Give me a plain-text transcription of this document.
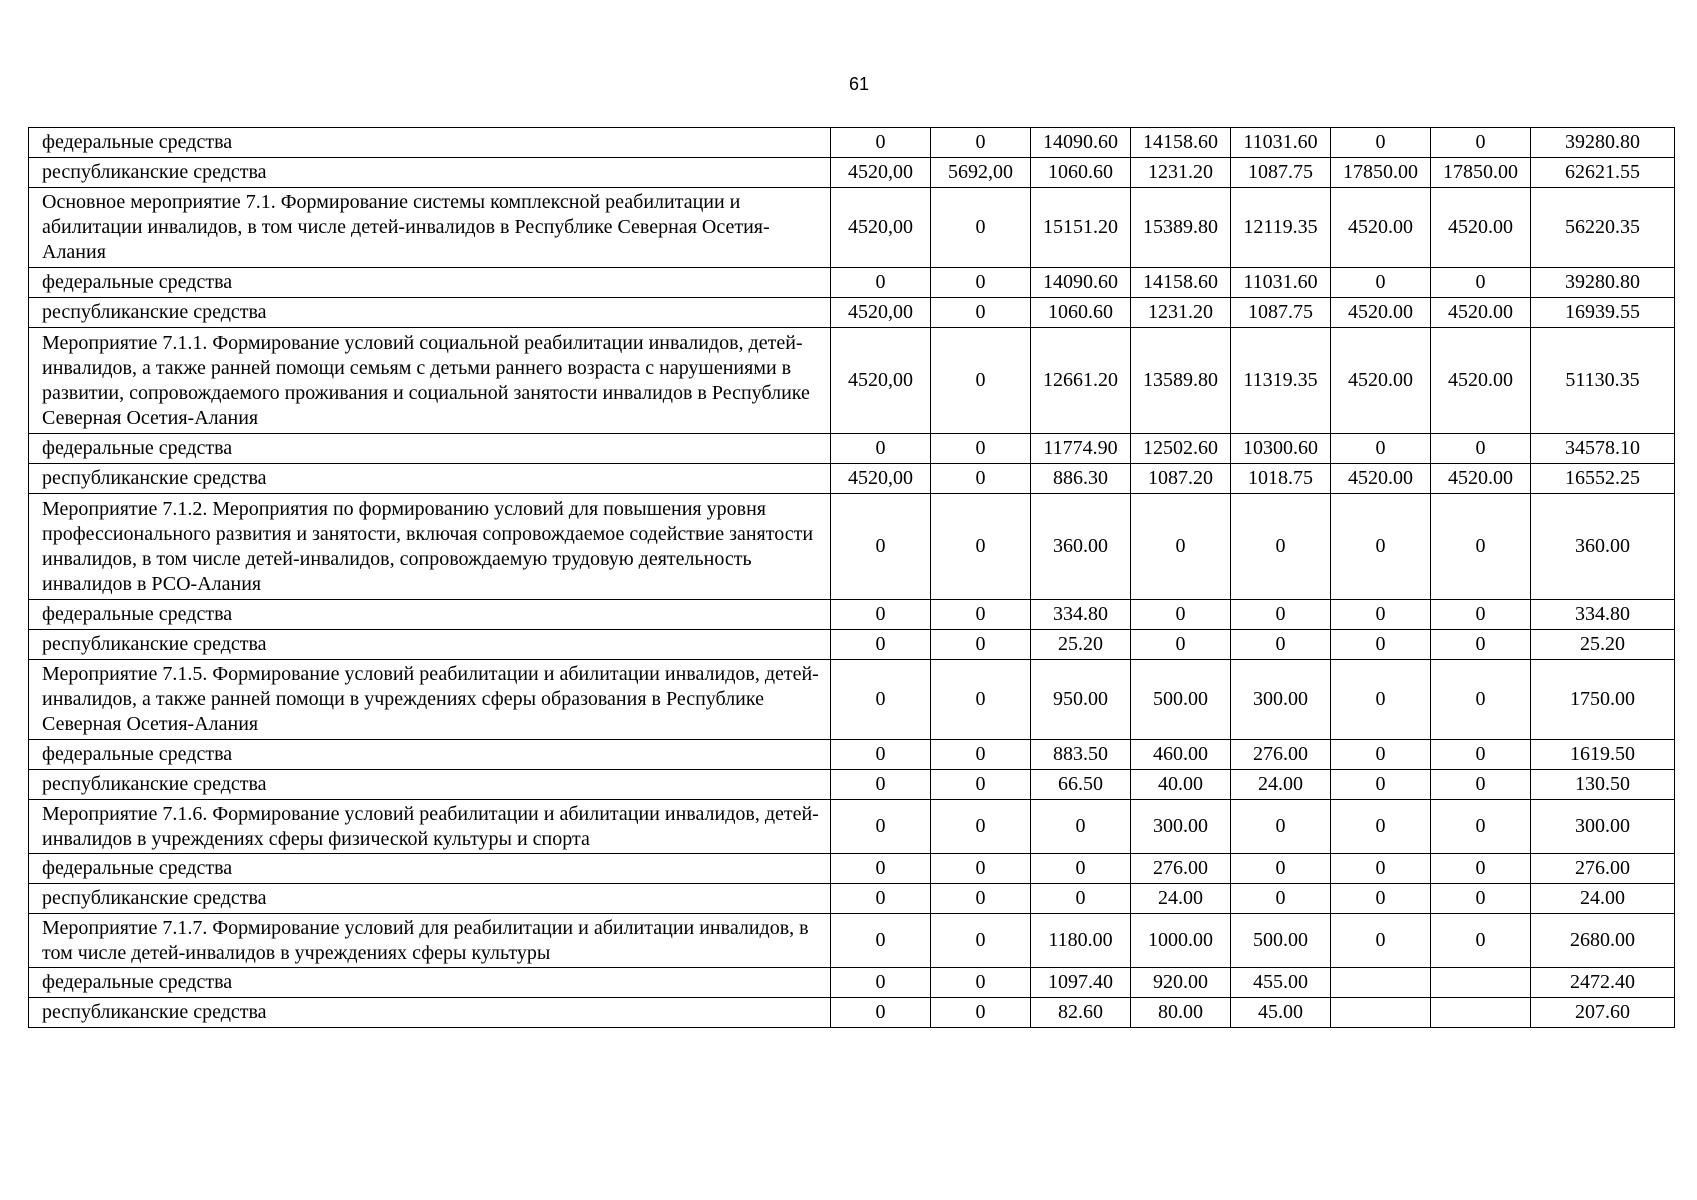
61
федеральные средства	0	0	14090.60	14158.60	11031.60	0	0	39280.80
республиканские средства	4520,00	5692,00	1060.60	1231.20	1087.75	17850.00	17850.00	62621.55
Основное мероприятие 7.1. Формирование системы комплексной реабилитации и абилитации инвалидов, в том числе детей-инвалидов в Республике Северная Осетия-Алания	4520,00	0	15151.20	15389.80	12119.35	4520.00	4520.00	56220.35
федеральные средства	0	0	14090.60	14158.60	11031.60	0	0	39280.80
республиканские средства	4520,00	0	1060.60	1231.20	1087.75	4520.00	4520.00	16939.55
Мероприятие 7.1.1. Формирование условий социальной реабилитации инвалидов, детей-инвалидов, а также ранней помощи семьям с детьми раннего возраста с нарушениями в развитии, сопровождаемого проживания и социальной занятости инвалидов в Республике Северная Осетия-Алания	4520,00	0	12661.20	13589.80	11319.35	4520.00	4520.00	51130.35
федеральные средства	0	0	11774.90	12502.60	10300.60	0	0	34578.10
республиканские средства	4520,00	0	886.30	1087.20	1018.75	4520.00	4520.00	16552.25
Мероприятие 7.1.2. Мероприятия по формированию условий для повышения уровня профессионального развития и занятости, включая сопровождаемое содействие занятости инвалидов, в том числе детей-инвалидов, сопровождаемую трудовую деятельность инвалидов в РСО-Алания	0	0	360.00	0	0	0	0	360.00
федеральные средства	0	0	334.80	0	0	0	0	334.80
республиканские средства	0	0	25.20	0	0	0	0	25.20
Мероприятие 7.1.5. Формирование условий реабилитации и абилитации инвалидов, детей-инвалидов, а также ранней помощи в учреждениях сферы образования в Республике Северная Осетия-Алания	0	0	950.00	500.00	300.00	0	0	1750.00
федеральные средства	0	0	883.50	460.00	276.00	0	0	1619.50
республиканские средства	0	0	66.50	40.00	24.00	0	0	130.50
Мероприятие 7.1.6. Формирование условий реабилитации и абилитации инвалидов, детей-инвалидов в учреждениях сферы физической культуры и спорта	0	0	0	300.00	0	0	0	300.00
федеральные средства	0	0	0	276.00	0	0	0	276.00
республиканские средства	0	0	0	24.00	0	0	0	24.00
Мероприятие 7.1.7. Формирование условий для реабилитации и абилитации инвалидов, в том числе детей-инвалидов в учреждениях сферы культуры	0	0	1180.00	1000.00	500.00	0	0	2680.00
федеральные средства	0	0	1097.40	920.00	455.00			2472.40
республиканские средства	0	0	82.60	80.00	45.00			207.60
